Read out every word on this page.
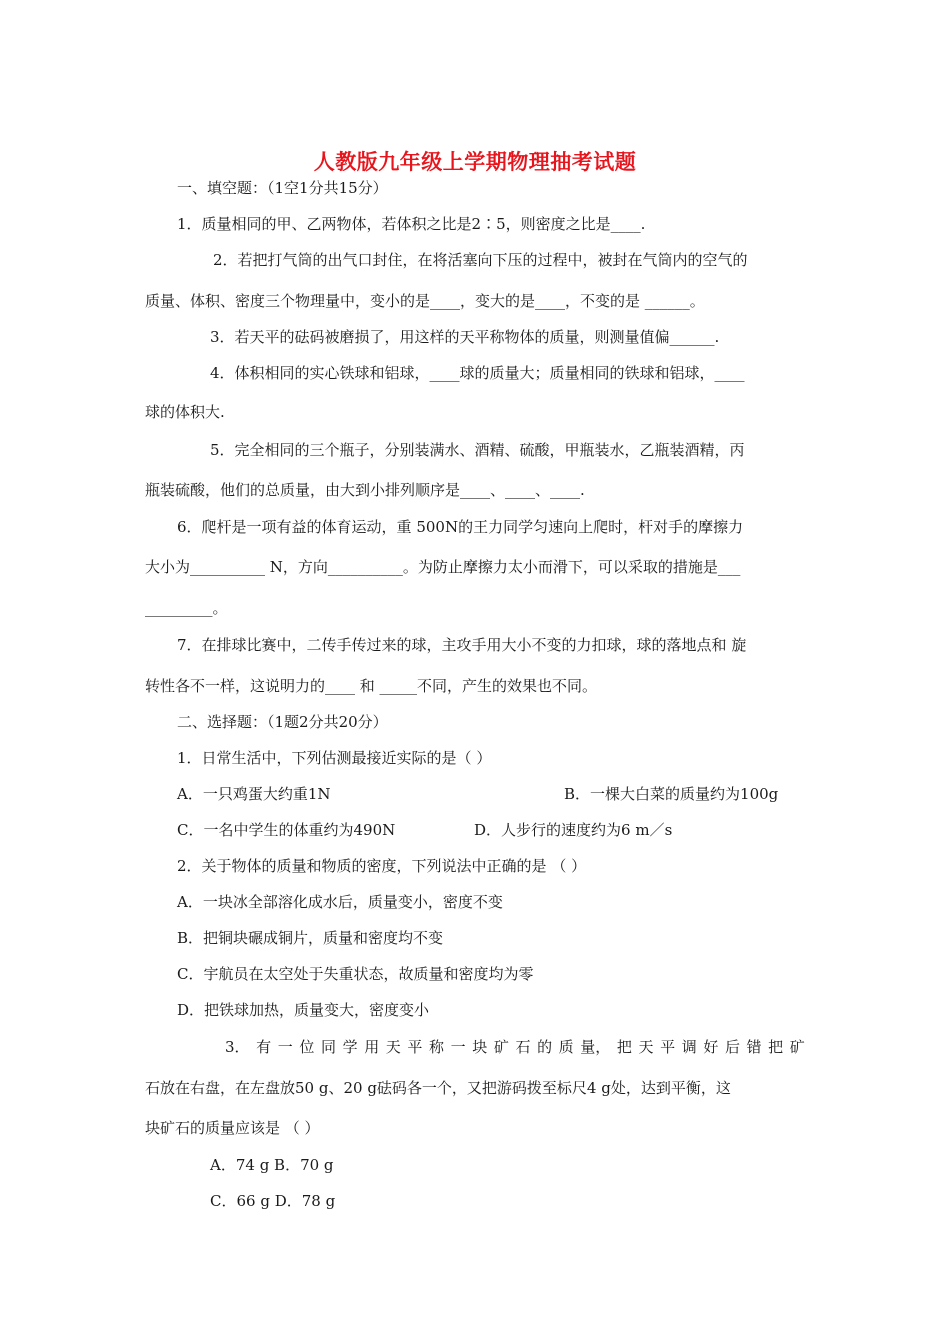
人教版九年级上学期物理抽考试题
一、填空题：（1空1分共15分）
1．质量相同的甲、乙两物体，若体积之比是2∶5，则密度之比是____.
2．若把打气筒的出气口封住，在将活塞向下压的过程中，被封在气筒内的空气的
质量、体积、密度三个物理量中，变小的是____，变大的是____，不变的是 ______。
3．若天平的砝码被磨损了，用这样的天平称物体的质量，则测量值偏______.
4．体积相同的实心铁球和铝球，____球的质量大；质量相同的铁球和铝球，____
球的体积大.
5．完全相同的三个瓶子，分别装满水、酒精、硫酸，甲瓶装水，乙瓶装酒精，丙
瓶装硫酸，他们的总质量，由大到小排列顺序是____、____、____.
6．爬杆是一项有益的体育运动，重 500N的王力同学匀速向上爬时，杆对手的摩擦力
大小为__________ N，方向__________。为防止摩擦力太小而滑下，可以采取的措施是___
_________。
7．在排球比赛中，二传手传过来的球，主攻手用大小不变的力扣球，球的落地点和 旋
转性各不一样，这说明力的____ 和 _____不同，产生的效果也不同。
二、选择题：（1题2分共20分）
1．日常生活中，下列估测最接近实际的是（ ）
A．一只鸡蛋大约重1N	B．一棵大白菜的质量约为100g
C．一名中学生的体重约为490N	D．人步行的速度约为6 m／s
2．关于物体的质量和物质的密度，下列说法中正确的是 （ ）
A．一块冰全部溶化成水后，质量变小，密度不变
B．把铜块碾成铜片，质量和密度均不变
C．宇航员在太空处于失重状态，故质量和密度均为零
D．把铁球加热，质量变大，密度变小
3． 有 一 位 同 学 用 天 平 称 一 块 矿 石 的 质 量， 把 天 平 调 好 后 错 把 矿
石放在右盘，在左盘放50 g、20 g砝码各一个，又把游码拨至标尺4 g处，达到平衡，这
块矿石的质量应该是 （ ）
A．74 g B．70 g
C．66 g D．78 g
